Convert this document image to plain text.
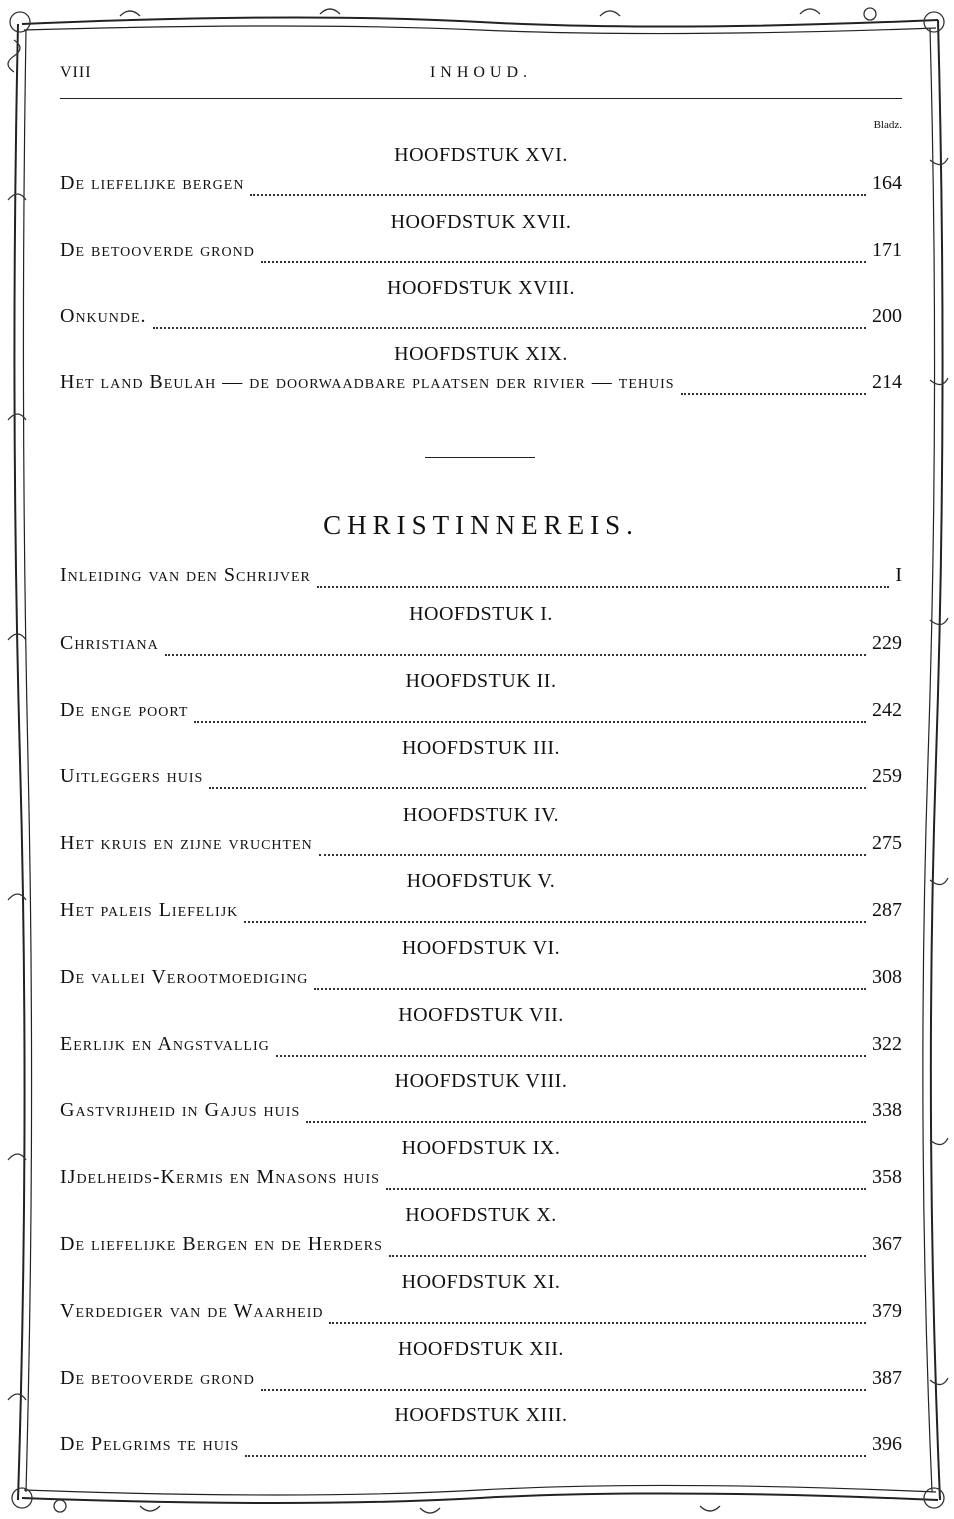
VIII	INHOUD.
Bladz.
HOOFDSTUK XVI.
De liefelijke bergen	164
HOOFDSTUK XVII.
De betooverde grond	171
HOOFDSTUK XVIII.
Onkunde.	200
HOOFDSTUK XIX.
Het land Beulah — de doorwaadbare plaatsen der rivier — tehuis	214
CHRISTINNEREIS.
Inleiding van den Schrijver	I
HOOFDSTUK I.
Christiana	229
HOOFDSTUK II.
De enge poort	242
HOOFDSTUK III.
Uitleggers huis	259
HOOFDSTUK IV.
Het kruis en zijne vruchten	275
HOOFDSTUK V.
Het paleis Liefelijk	287
HOOFDSTUK VI.
De vallei Verootmoediging	308
HOOFDSTUK VII.
Eerlijk en Angstvallig	322
HOOFDSTUK VIII.
Gastvrijheid in Gajus huis	338
HOOFDSTUK IX.
IJdelheids-Kermis en Mnasons huis	358
HOOFDSTUK X.
De liefelijke Bergen en de Herders	367
HOOFDSTUK XI.
Verdediger van de Waarheid	379
HOOFDSTUK XII.
De betooverde grond	387
HOOFDSTUK XIII.
De Pelgrims te huis	396
